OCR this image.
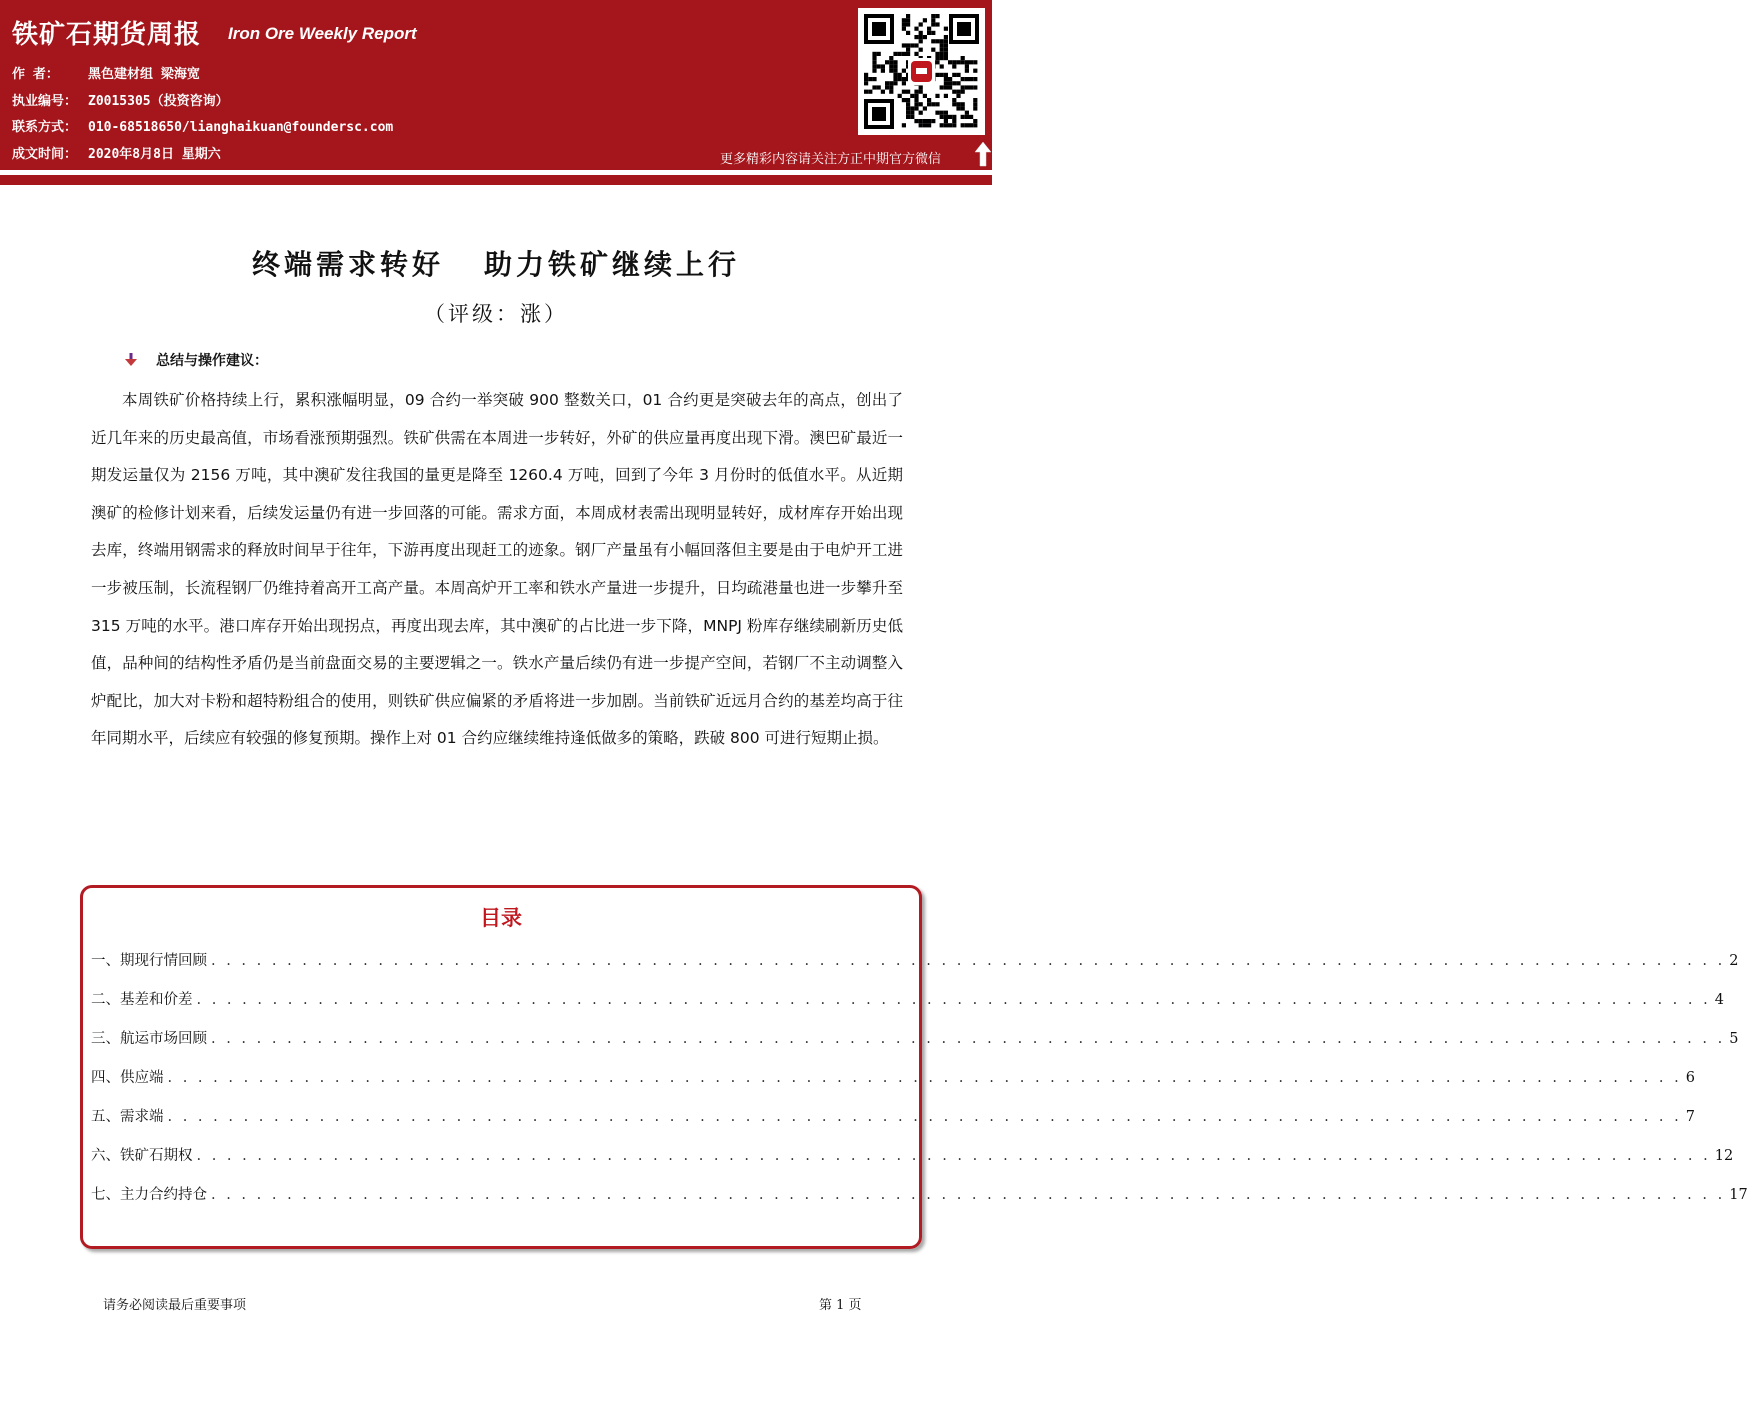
铁矿石期货周报 Iron Ore Weekly Report
作 者： 黑色建材组 梁海宽
执业编号： Z0015305（投资咨询）
联系方式： 010-68518650/lianghaikuan@foundersc.com
成文时间： 2020年8月8日 星期六	更多精彩内容请关注方正中期官方微信
终端需求转好 助力铁矿继续上行
（评级：涨）
总结与操作建议：
本周铁矿价格持续上行，累积涨幅明显，09 合约一举突破 900 整数关口，01 合约更是突破去年的高点，创出了近几年来的历史最高值，市场看涨预期强烈。铁矿供需在本周进一步转好，外矿的供应量再度出现下滑。澳巴矿最近一期发运量仅为 2156 万吨，其中澳矿发往我国的量更是降至 1260.4 万吨，回到了今年 3 月份时的低值水平。从近期澳矿的检修计划来看，后续发运量仍有进一步回落的可能。需求方面，本周成材表需出现明显转好，成材库存开始出现去库，终端用钢需求的释放时间早于往年，下游再度出现赶工的迹象。钢厂产量虽有小幅回落但主要是由于电炉开工进一步被压制，长流程钢厂仍维持着高开工高产量。本周高炉开工率和铁水产量进一步提升，日均疏港量也进一步攀升至 315 万吨的水平。港口库存开始出现拐点，再度出现去库，其中澳矿的占比进一步下降，MNPJ 粉库存继续刷新历史低值，品种间的结构性矛盾仍是当前盘面交易的主要逻辑之一。铁水产量后续仍有进一步提产空间，若钢厂不主动调整入炉配比，加大对卡粉和超特粉组合的使用，则铁矿供应偏紧的矛盾将进一步加剧。当前铁矿近远月合约的基差均高于往年同期水平，后续应有较强的修复预期。操作上对 01 合约应继续维持逢低做多的策略，跌破 800 可进行短期止损。
目录
一、期现行情回顾 . . . . . . . . . . . . . . . . . . . . . . . . . . . . . . . . . . . . . . . . . . . . . . . . . . . . . . . . . . . . . . . . . . . . . . . . . . . . . . . . . . . . . . . . . . . . . . . . . . . . 2
二、基差和价差 . . . . . . . . . . . . . . . . . . . . . . . . . . . . . . . . . . . . . . . . . . . . . . . . . . . . . . . . . . . . . . . . . . . . . . . . . . . . . . . . . . . . . . . . . . . . . . . . . . . . 4
三、航运市场回顾 . . . . . . . . . . . . . . . . . . . . . . . . . . . . . . . . . . . . . . . . . . . . . . . . . . . . . . . . . . . . . . . . . . . . . . . . . . . . . . . . . . . . . . . . . . . . . . . . . . . . 5
四、供应端 . . . . . . . . . . . . . . . . . . . . . . . . . . . . . . . . . . . . . . . . . . . . . . . . . . . . . . . . . . . . . . . . . . . . . . . . . . . . . . . . . . . . . . . . . . . . . . . . . . . . 6
五、需求端 . . . . . . . . . . . . . . . . . . . . . . . . . . . . . . . . . . . . . . . . . . . . . . . . . . . . . . . . . . . . . . . . . . . . . . . . . . . . . . . . . . . . . . . . . . . . . . . . . . . . 7
六、铁矿石期权 . . . . . . . . . . . . . . . . . . . . . . . . . . . . . . . . . . . . . . . . . . . . . . . . . . . . . . . . . . . . . . . . . . . . . . . . . . . . . . . . . . . . . . . . . . . . . . . . . . . . 12
七、主力合约持仓 . . . . . . . . . . . . . . . . . . . . . . . . . . . . . . . . . . . . . . . . . . . . . . . . . . . . . . . . . . . . . . . . . . . . . . . . . . . . . . . . . . . . . . . . . . . . . . . . . . . . 17
请务必阅读最后重要事项	第 1 页
